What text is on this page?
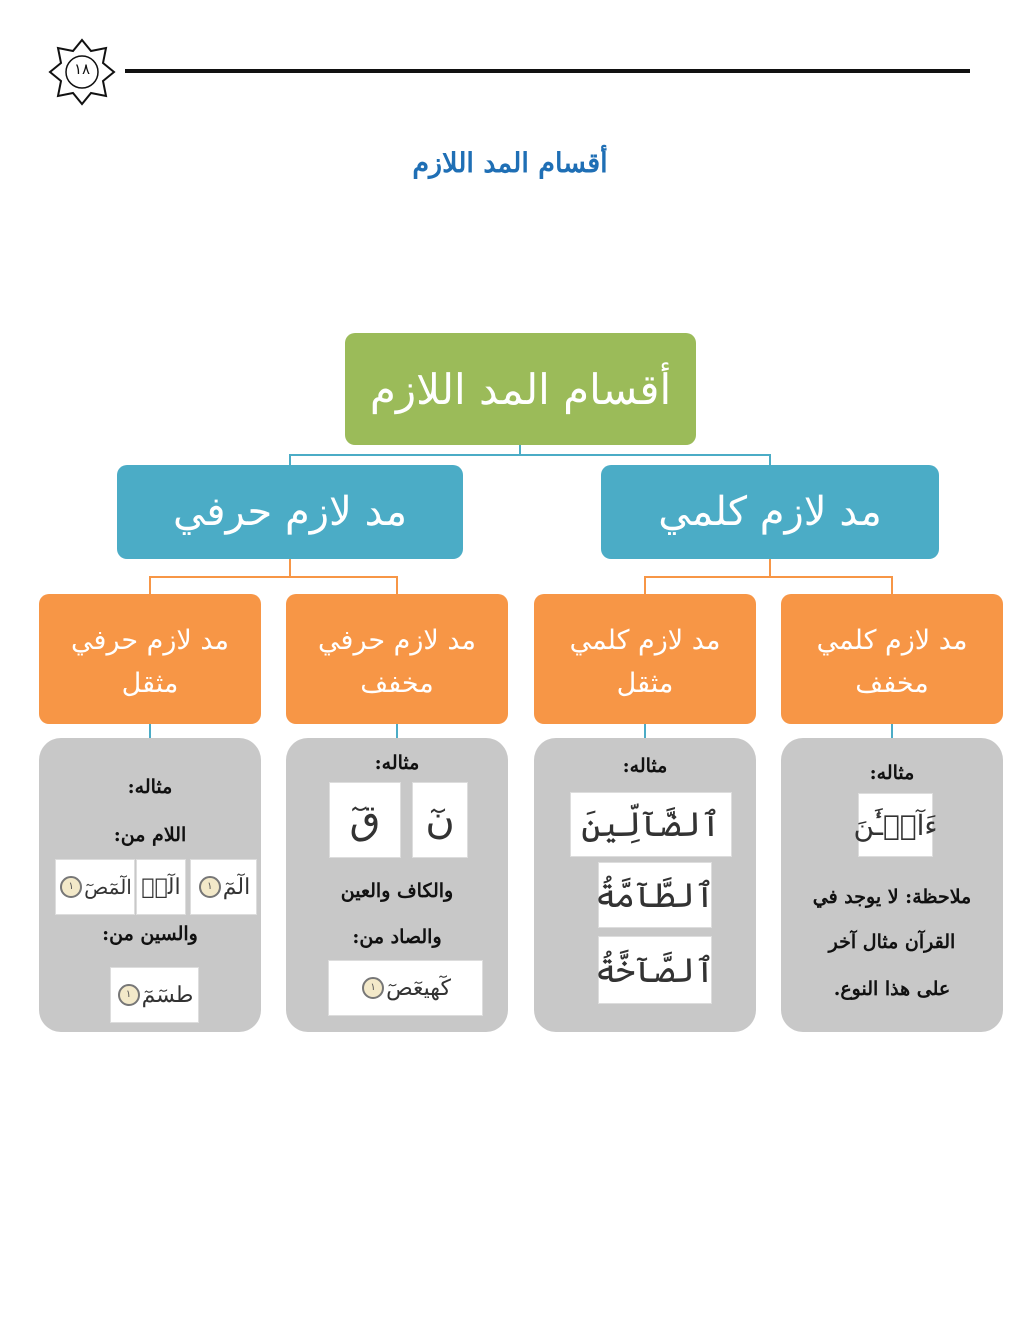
١٨
أقسام المد اللازم
أقسام المد اللازم
مد لازم حرفي	مد لازم كلمي
مد لازم حرفي
مثقل
مد لازم حرفي
مخفف
مد لازم كلمي
مثقل
مد لازم كلمي
مخفف
مثاله:
اللام من:
الٓمٓ
١
الٓرۚ
الٓمٓصٓ
١
والسين من:
طسٓمٓ
١
مثاله:
قٓ نٓ
والكاف والعين
والصاد من:
كٓهيعٓصٓ
١
مثاله:
ٱلضَّآلِّينَ
ٱلطَّآمَّةُ
ٱلصَّآخَّةُ
مثاله:
ءَآلۡـَٰٔنَ
ملاحظة: لا يوجد في
القرآن مثال آخر
على هذا النوع.
